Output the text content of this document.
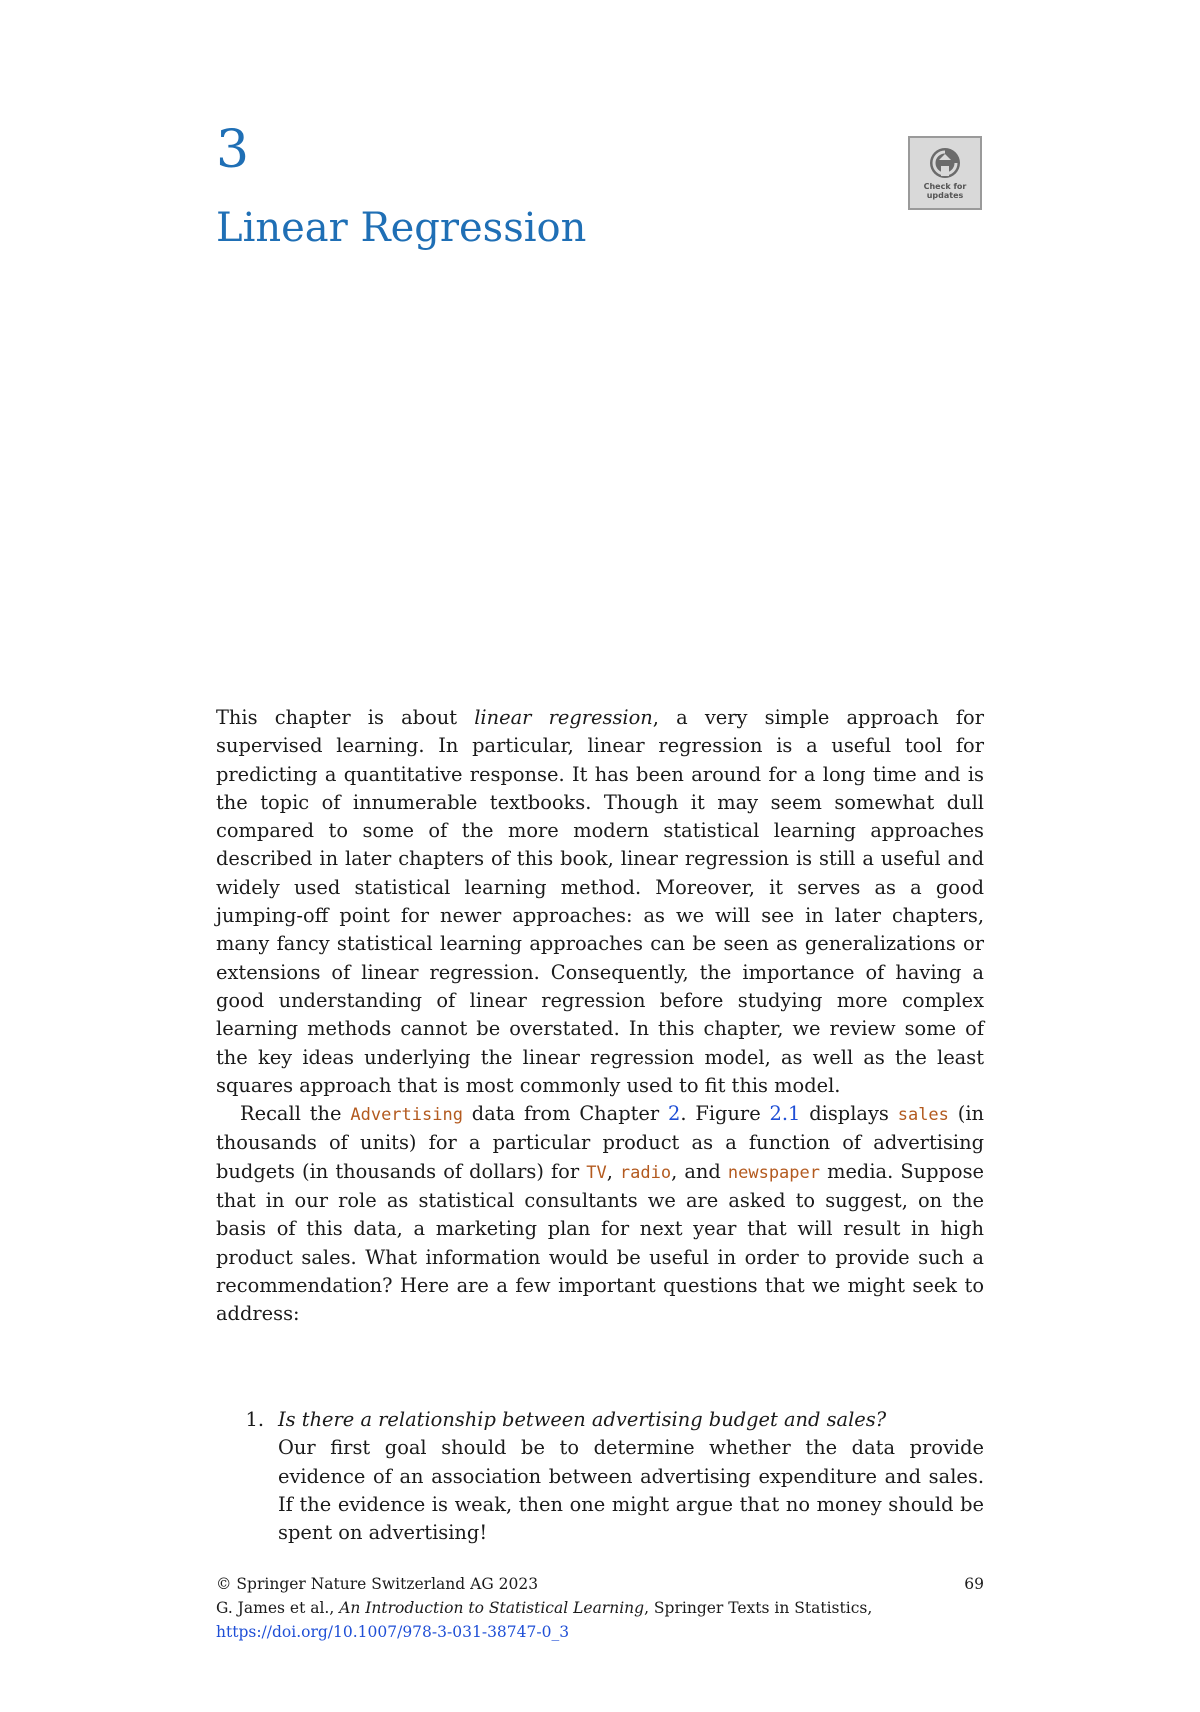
3
Linear Regression
Check for
updates

This chapter is about linear regression, a very simple approach for supervised learning. In particular, linear regression is a useful tool for predicting a quantitative response. It has been around for a long time and is the topic of innumerable textbooks. Though it may seem somewhat dull compared to some of the more modern statistical learning approaches described in later chapters of this book, linear regression is still a useful and widely used statistical learning method. Moreover, it serves as a good jumping-off point for newer approaches: as we will see in later chapters, many fancy statistical learning approaches can be seen as generalizations or extensions of linear regression. Consequently, the importance of having a good understanding of linear regression before studying more complex learning methods cannot be overstated. In this chapter, we review some of the key ideas underlying the linear regression model, as well as the least squares approach that is most commonly used to fit this model.

Recall the Advertising data from Chapter 2. Figure 2.1 displays sales (in thousands of units) for a particular product as a function of advertising budgets (in thousands of dollars) for TV, radio, and newspaper media. Suppose that in our role as statistical consultants we are asked to suggest, on the basis of this data, a marketing plan for next year that will result in high product sales. What information would be useful in order to provide such a recommendation? Here are a few important questions that we might seek to address:

1. Is there a relationship between advertising budget and sales?
Our first goal should be to determine whether the data provide evidence of an association between advertising expenditure and sales. If the evidence is weak, then one might argue that no money should be spent on advertising!
© Springer Nature Switzerland AG 2023	69
G. James et al., An Introduction to Statistical Learning, Springer Texts in Statistics,
https://doi.org/10.1007/978-3-031-38747-0_3
